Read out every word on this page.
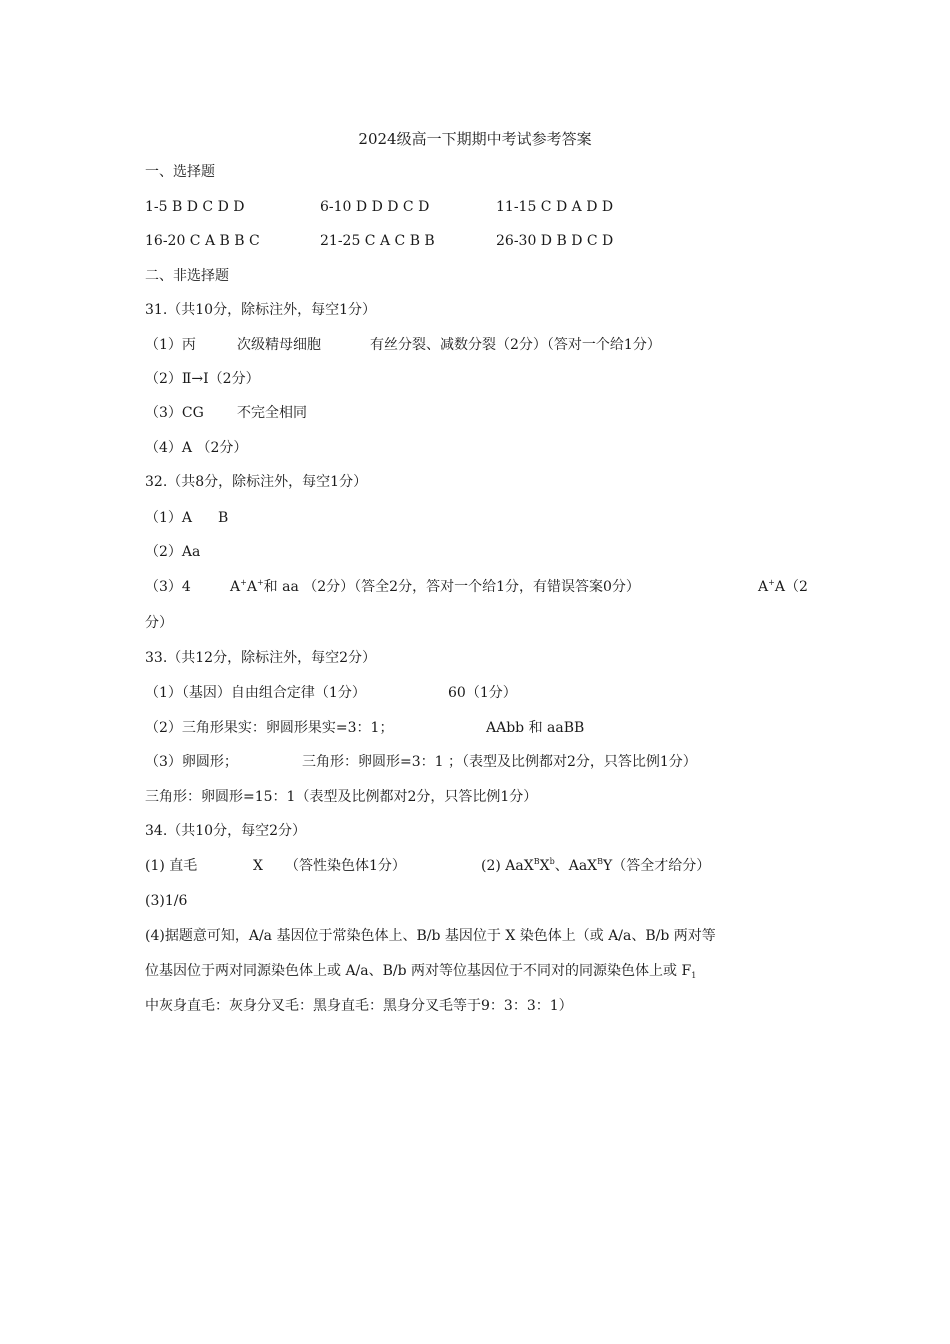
2024级高一下期期中考试参考答案
一、选择题
1-5 B D C D D	6-10 D D D C D	11-15 C D A D D
16-20 C A B B C	21-25 C A C B B	26-30 D B D C D
二、非选择题
31.（共10分，除标注外，每空1分）
（1）丙	次级精母细胞	有丝分裂、减数分裂（2分）（答对一个给1分）
（2）Ⅱ→Ⅰ（2分）
（3）CG 不完全相同
（4）A （2分）
32.（共8分，除标注外，每空1分）
（1）A B
（2）Aa
（3）4	A+A+和 aa （2分）（答全2分，答对一个给1分，有错误答案0分）	A+A（2
分）
33.（共12分，除标注外，每空2分）
（1）（基因）自由组合定律（1分）	60（1分）
（2）三角形果实：卵圆形果实=3：1；	AAbb 和 aaBB
（3）卵圆形；	三角形：卵圆形=3：1 ；（表型及比例都对2分，只答比例1分）
三角形：卵圆形=15：1（表型及比例都对2分，只答比例1分）
34.（共10分，每空2分）
(1) 直毛	X （答性染色体1分）	(2) $AaX^BX^b$、AaX$^B$Y（答全才给分）
(3)1/6
(4)据题意可知，A/a 基因位于常染色体上、B/b 基因位于 X 染色体上（或 A/a、B/b 两对等
位基因位于两对同源染色体上或 A/a、B/b 两对等位基因位于不同对的同源染色体上或 $F_1$
中灰身直毛：灰身分叉毛：黑身直毛：黑身分叉毛等于9：3：3：1）
